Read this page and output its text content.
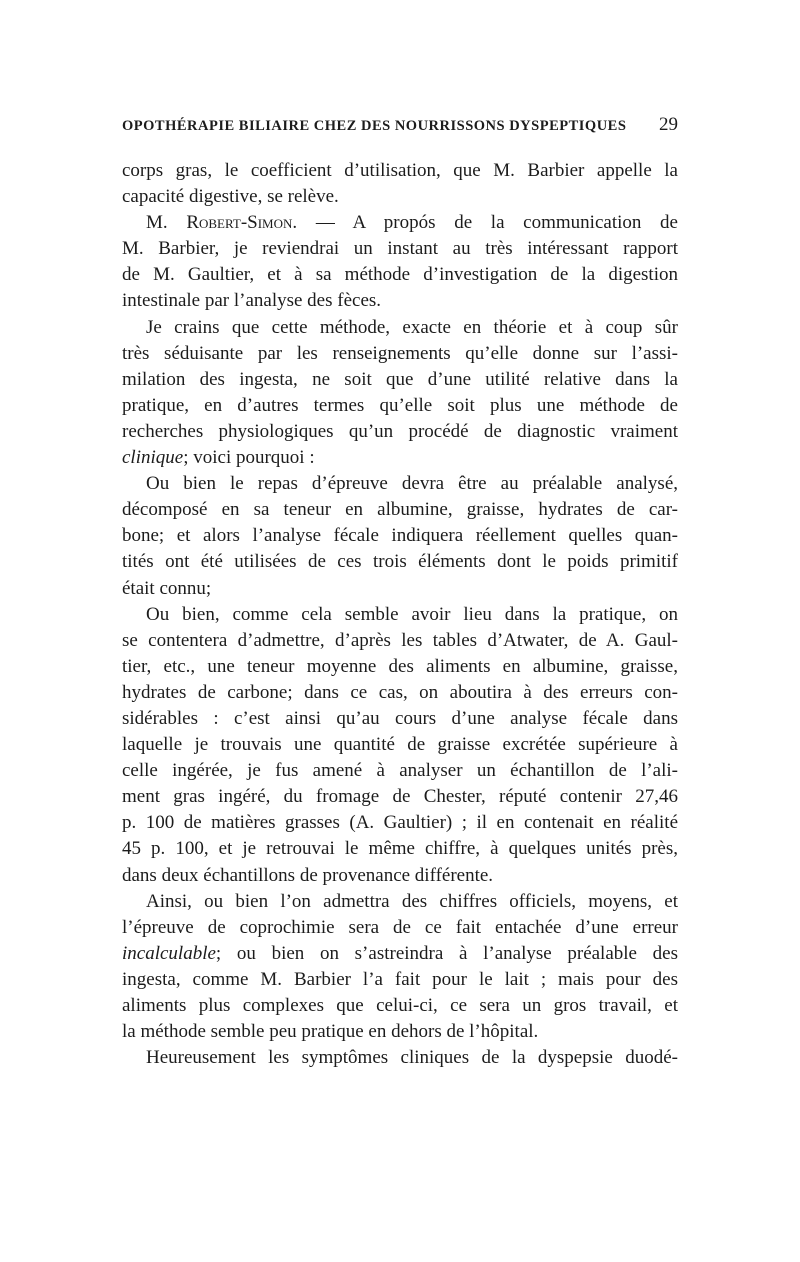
OPOTHÉRAPIE BILIAIRE CHEZ DES NOURRISSONS DYSPEPTIQUES 29
corps gras, le coefficient d’utilisation, que M. Barbier appelle la
capacité digestive, se relève.
M. Robert-Simon. — A propós de la communication de
M. Barbier, je reviendrai un instant au très intéressant rapport
de M. Gaultier, et à sa méthode d’investigation de la digestion
intestinale par l’analyse des fèces.
Je crains que cette méthode, exacte en théorie et à coup sûr
très séduisante par les renseignements qu’elle donne sur l’assi-
milation des ingesta, ne soit que d’une utilité relative dans la
pratique, en d’autres termes qu’elle soit plus une méthode de
recherches physiologiques qu’un procédé de diagnostic vraiment
clinique; voici pourquoi :
Ou bien le repas d’épreuve devra être au préalable analysé,
décomposé en sa teneur en albumine, graisse, hydrates de car-
bone; et alors l’analyse fécale indiquera réellement quelles quan-
tités ont été utilisées de ces trois éléments dont le poids primitif
était connu;
Ou bien, comme cela semble avoir lieu dans la pratique, on
se contentera d’admettre, d’après les tables d’Atwater, de A. Gaul-
tier, etc., une teneur moyenne des aliments en albumine, graisse,
hydrates de carbone; dans ce cas, on aboutira à des erreurs con-
sidérables : c’est ainsi qu’au cours d’une analyse fécale dans
laquelle je trouvais une quantité de graisse excrétée supérieure à
celle ingérée, je fus amené à analyser un échantillon de l’ali-
ment gras ingéré, du fromage de Chester, réputé contenir 27,46
p. 100 de matières grasses (A. Gaultier) ; il en contenait en réalité
45 p. 100, et je retrouvai le même chiffre, à quelques unités près,
dans deux échantillons de provenance différente.
Ainsi, ou bien l’on admettra des chiffres officiels, moyens, et
l’épreuve de coprochimie sera de ce fait entachée d’une erreur
incalculable; ou bien on s’astreindra à l’analyse préalable des
ingesta, comme M. Barbier l’a fait pour le lait ; mais pour des
aliments plus complexes que celui-ci, ce sera un gros travail, et
la méthode semble peu pratique en dehors de l’hôpital.
Heureusement les symptômes cliniques de la dyspepsie duodé-
